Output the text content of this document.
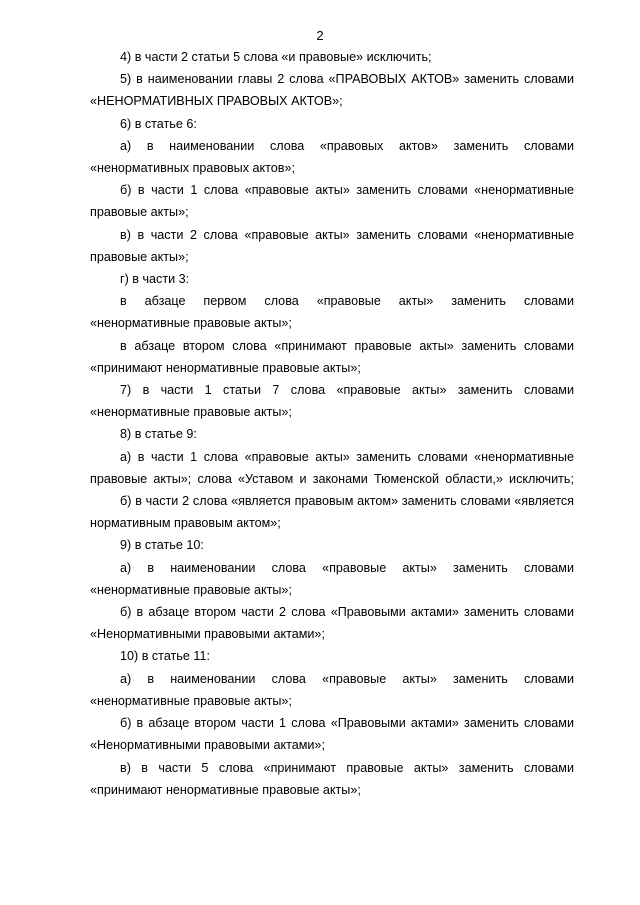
2

4) в части 2 статьи 5 слова «и правовые» исключить;

5) в наименовании главы 2 слова «ПРАВОВЫХ АКТОВ» заменить словами «НЕНОРМАТИВНЫХ ПРАВОВЫХ АКТОВ»;

6) в статье 6:

а) в наименовании слова «правовых актов» заменить словами «ненормативных правовых актов»;

б) в части 1 слова «правовые акты» заменить словами «ненормативные правовые акты»;

в) в части 2 слова «правовые акты» заменить словами «ненормативные правовые акты»;

г) в части 3:

в абзаце первом слова «правовые акты» заменить словами «ненормативные правовые акты»;

в абзаце втором слова «принимают правовые акты» заменить словами «принимают ненормативные правовые акты»;

7) в части 1 статьи 7 слова «правовые акты» заменить словами «ненормативные правовые акты»;

8) в статье 9:

а) в части 1 слова «правовые акты» заменить словами «ненормативные правовые акты»; слова «Уставом и законами Тюменской области,» исключить;

б) в части 2 слова «является правовым актом» заменить словами «является нормативным правовым актом»;

9) в статье 10:

а) в наименовании слова «правовые акты» заменить словами «ненормативные правовые акты»;

б) в абзаце втором части 2 слова «Правовыми актами» заменить словами «Ненормативными правовыми актами»;

10) в статье 11:

а) в наименовании слова «правовые акты» заменить словами «ненормативные правовые акты»;

б) в абзаце втором части 1 слова «Правовыми актами» заменить словами «Ненормативными правовыми актами»;

в) в части 5 слова «принимают правовые акты» заменить словами «принимают ненормативные правовые акты»;
